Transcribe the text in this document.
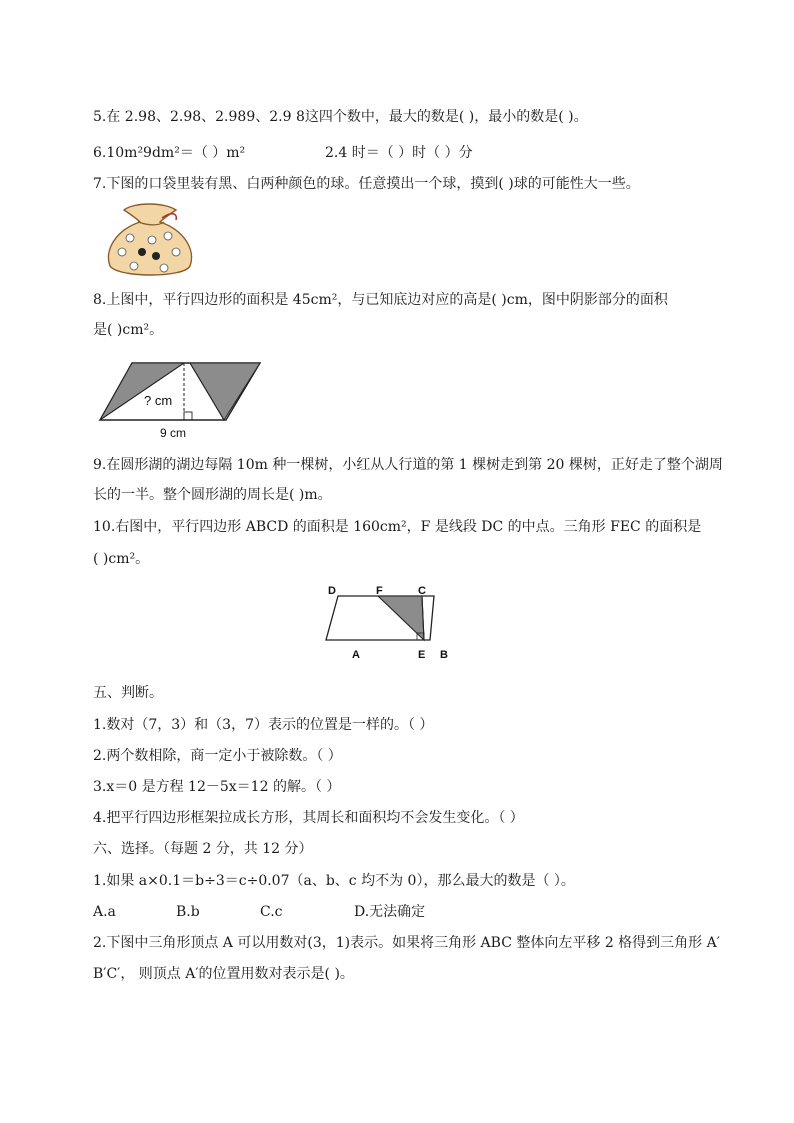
5.在 2.98、2.98、2.989、2.9 8这四个数中，最大的数是( )，最小的数是( )。
6.10m²9dm²＝（ ）m²	2.4 时＝（ ）时（ ）分
7.下图的口袋里装有黑、白两种颜色的球。任意摸出一个球，摸到( )球的可能性大一些。
8.上图中，平行四边形的面积是 45cm²，与已知底边对应的高是( )cm，图中阴影部分的面积
是( )cm²。
? cm
9 cm
9.在圆形湖的湖边每隔 10m 种一棵树，小红从人行道的第 1 棵树走到第 20 棵树，正好走了整个湖周
长的一半。整个圆形湖的周长是( )m。
10.右图中，平行四边形 ABCD 的面积是 160cm²，F 是线段 DC 的中点。三角形 FEC 的面积是
( )cm²。
D	F	C
A	E B
五、判断。
1.数对（7，3）和（3，7）表示的位置是一样的。（ ）
2.两个数相除，商一定小于被除数。（ ）
3.x＝0 是方程 12－5x＝12 的解。（ ）
4.把平行四边形框架拉成长方形，其周长和面积均不会发生变化。（ ）
六、选择。（每题 2 分，共 12 分）
1.如果 a×0.1＝b÷3＝c÷0.07（a、b、c 均不为 0），那么最大的数是（ ）。
A.a	B.b	C.c	D.无法确定
2.下图中三角形顶点 A 可以用数对(3，1)表示。如果将三角形 ABC 整体向左平移 2 格得到三角形 A′
B′C′， 则顶点 A′的位置用数对表示是( )。
